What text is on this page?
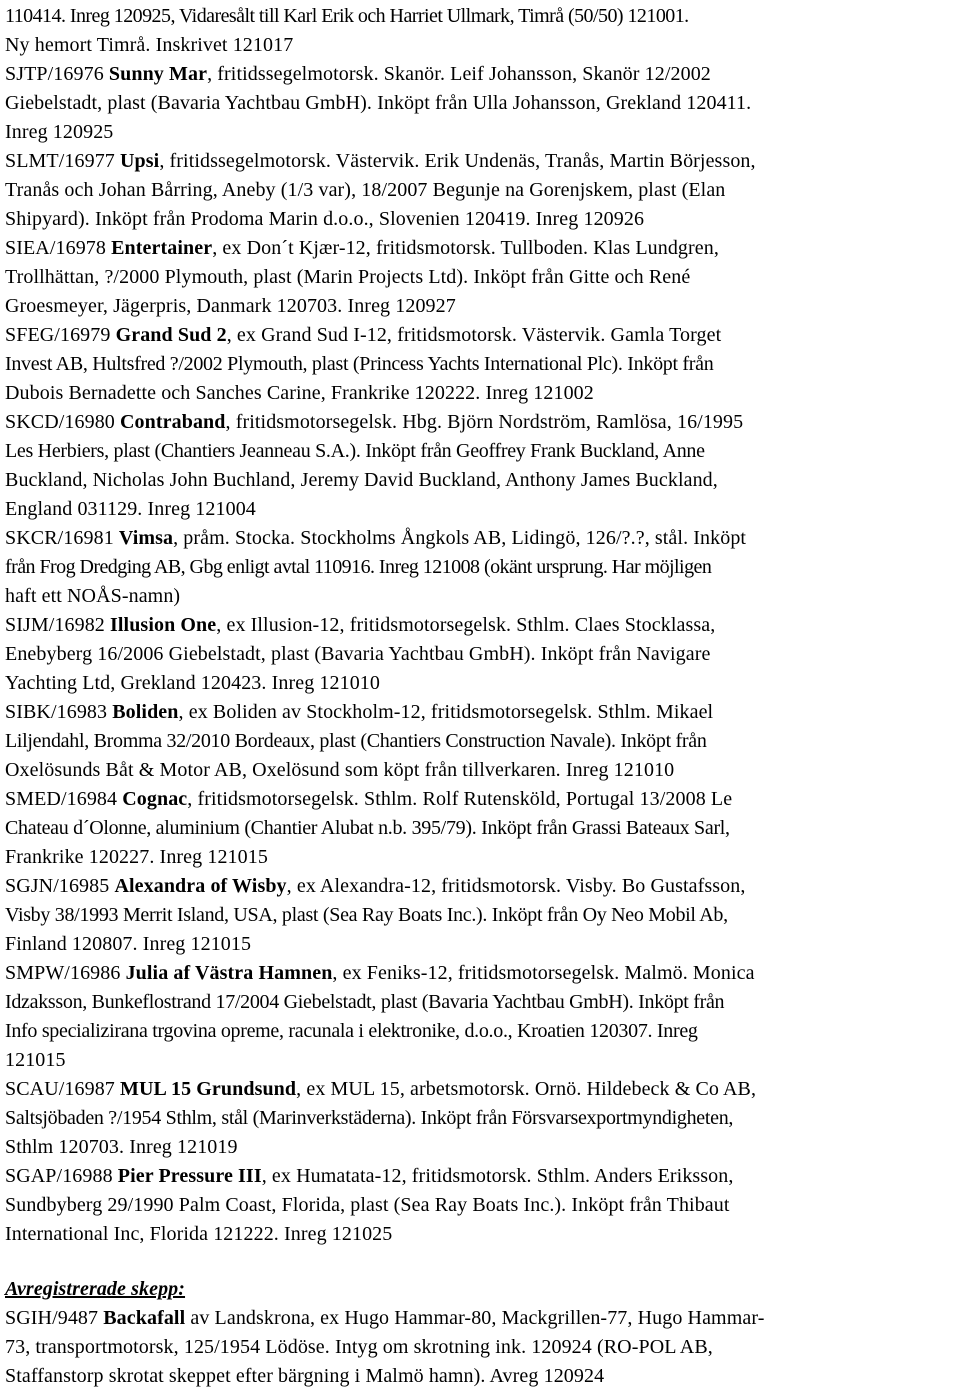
110414. Inreg 120925, Vidaresålt till Karl Erik och Harriet Ullmark, Timrå (50/50) 121001.
Ny hemort Timrå. Inskrivet 121017
SJTP/16976 Sunny Mar, fritidssegelmotorsk. Skanör. Leif Johansson, Skanör 12/2002
Giebelstadt, plast (Bavaria Yachtbau GmbH). Inköpt från Ulla Johansson, Grekland 120411.
Inreg 120925
SLMT/16977 Upsi, fritidssegelmotorsk. Västervik. Erik Undenäs, Tranås, Martin Börjesson,
Tranås och Johan Bårring, Aneby (1/3 var), 18/2007 Begunje na Gorenjskem, plast (Elan
Shipyard). Inköpt från Prodoma Marin d.o.o., Slovenien 120419. Inreg 120926
SIEA/16978 Entertainer, ex Don´t Kjær-12, fritidsmotorsk. Tullboden. Klas Lundgren,
Trollhättan, ?/2000 Plymouth, plast (Marin Projects Ltd). Inköpt från Gitte och René
Groesmeyer, Jägerpris, Danmark 120703. Inreg 120927
SFEG/16979 Grand Sud 2, ex Grand Sud I-12, fritidsmotorsk. Västervik. Gamla Torget
Invest AB, Hultsfred ?/2002 Plymouth, plast (Princess Yachts International Plc). Inköpt från
Dubois Bernadette och Sanches Carine, Frankrike 120222. Inreg 121002
SKCD/16980 Contraband, fritidsmotorsegelsk. Hbg. Björn Nordström, Ramlösa, 16/1995
Les Herbiers, plast (Chantiers Jeanneau S.A.). Inköpt från Geoffrey Frank Buckland, Anne
Buckland, Nicholas John Buchland, Jeremy David Buckland, Anthony James Buckland,
England 031129. Inreg 121004
SKCR/16981 Vimsa, pråm. Stocka. Stockholms Ångkols AB, Lidingö, 126/?.?, stål. Inköpt
från Frog Dredging AB, Gbg enligt avtal 110916. Inreg 121008 (okänt ursprung. Har möjligen
haft ett NOÅS-namn)
SIJM/16982 Illusion One, ex Illusion-12, fritidsmotorsegelsk. Sthlm. Claes Stocklassa,
Enebyberg 16/2006 Giebelstadt, plast (Bavaria Yachtbau GmbH). Inköpt från Navigare
Yachting Ltd, Grekland 120423. Inreg 121010
SIBK/16983 Boliden, ex Boliden av Stockholm-12, fritidsmotorsegelsk. Sthlm. Mikael
Liljendahl, Bromma 32/2010 Bordeaux, plast (Chantiers Construction Navale). Inköpt från
Oxelösunds Båt & Motor AB, Oxelösund som köpt från tillverkaren. Inreg 121010
SMED/16984 Cognac, fritidsmotorsegelsk. Sthlm. Rolf Rutensköld, Portugal 13/2008 Le
Chateau d´Olonne, aluminium (Chantier Alubat n.b. 395/79). Inköpt från Grassi Bateaux Sarl,
Frankrike 120227. Inreg 121015
SGJN/16985 Alexandra of Wisby, ex Alexandra-12, fritidsmotorsk. Visby. Bo Gustafsson,
Visby 38/1993 Merrit Island, USA, plast (Sea Ray Boats Inc.). Inköpt från Oy Neo Mobil Ab,
Finland 120807. Inreg 121015
SMPW/16986 Julia af Västra Hamnen, ex Feniks-12, fritidsmotorsegelsk. Malmö. Monica
Idzaksson, Bunkeflostrand 17/2004 Giebelstadt, plast (Bavaria Yachtbau GmbH). Inköpt från
Info specializirana trgovina opreme, racunala i elektronike, d.o.o., Kroatien 120307. Inreg
121015
SCAU/16987 MUL 15 Grundsund, ex MUL 15, arbetsmotorsk. Ornö. Hildebeck & Co AB,
Saltsjöbaden ?/1954 Sthlm, stål (Marinverkstäderna). Inköpt från Försvarsexportmyndigheten,
Sthlm 120703. Inreg 121019
SGAP/16988 Pier Pressure III, ex Humatata-12, fritidsmotorsk. Sthlm. Anders Eriksson,
Sundbyberg 29/1990 Palm Coast, Florida, plast (Sea Ray Boats Inc.). Inköpt från Thibaut
International Inc, Florida 121222. Inreg 121025
Avregistrerade skepp:
SGIH/9487 Backafall av Landskrona, ex Hugo Hammar-80, Mackgrillen-77, Hugo Hammar-
73, transportmotorsk, 125/1954 Lödöse. Intyg om skrotning ink. 120924 (RO-POL AB,
Staffanstorp skrotat skeppet efter bärgning i Malmö hamn). Avreg 120924
